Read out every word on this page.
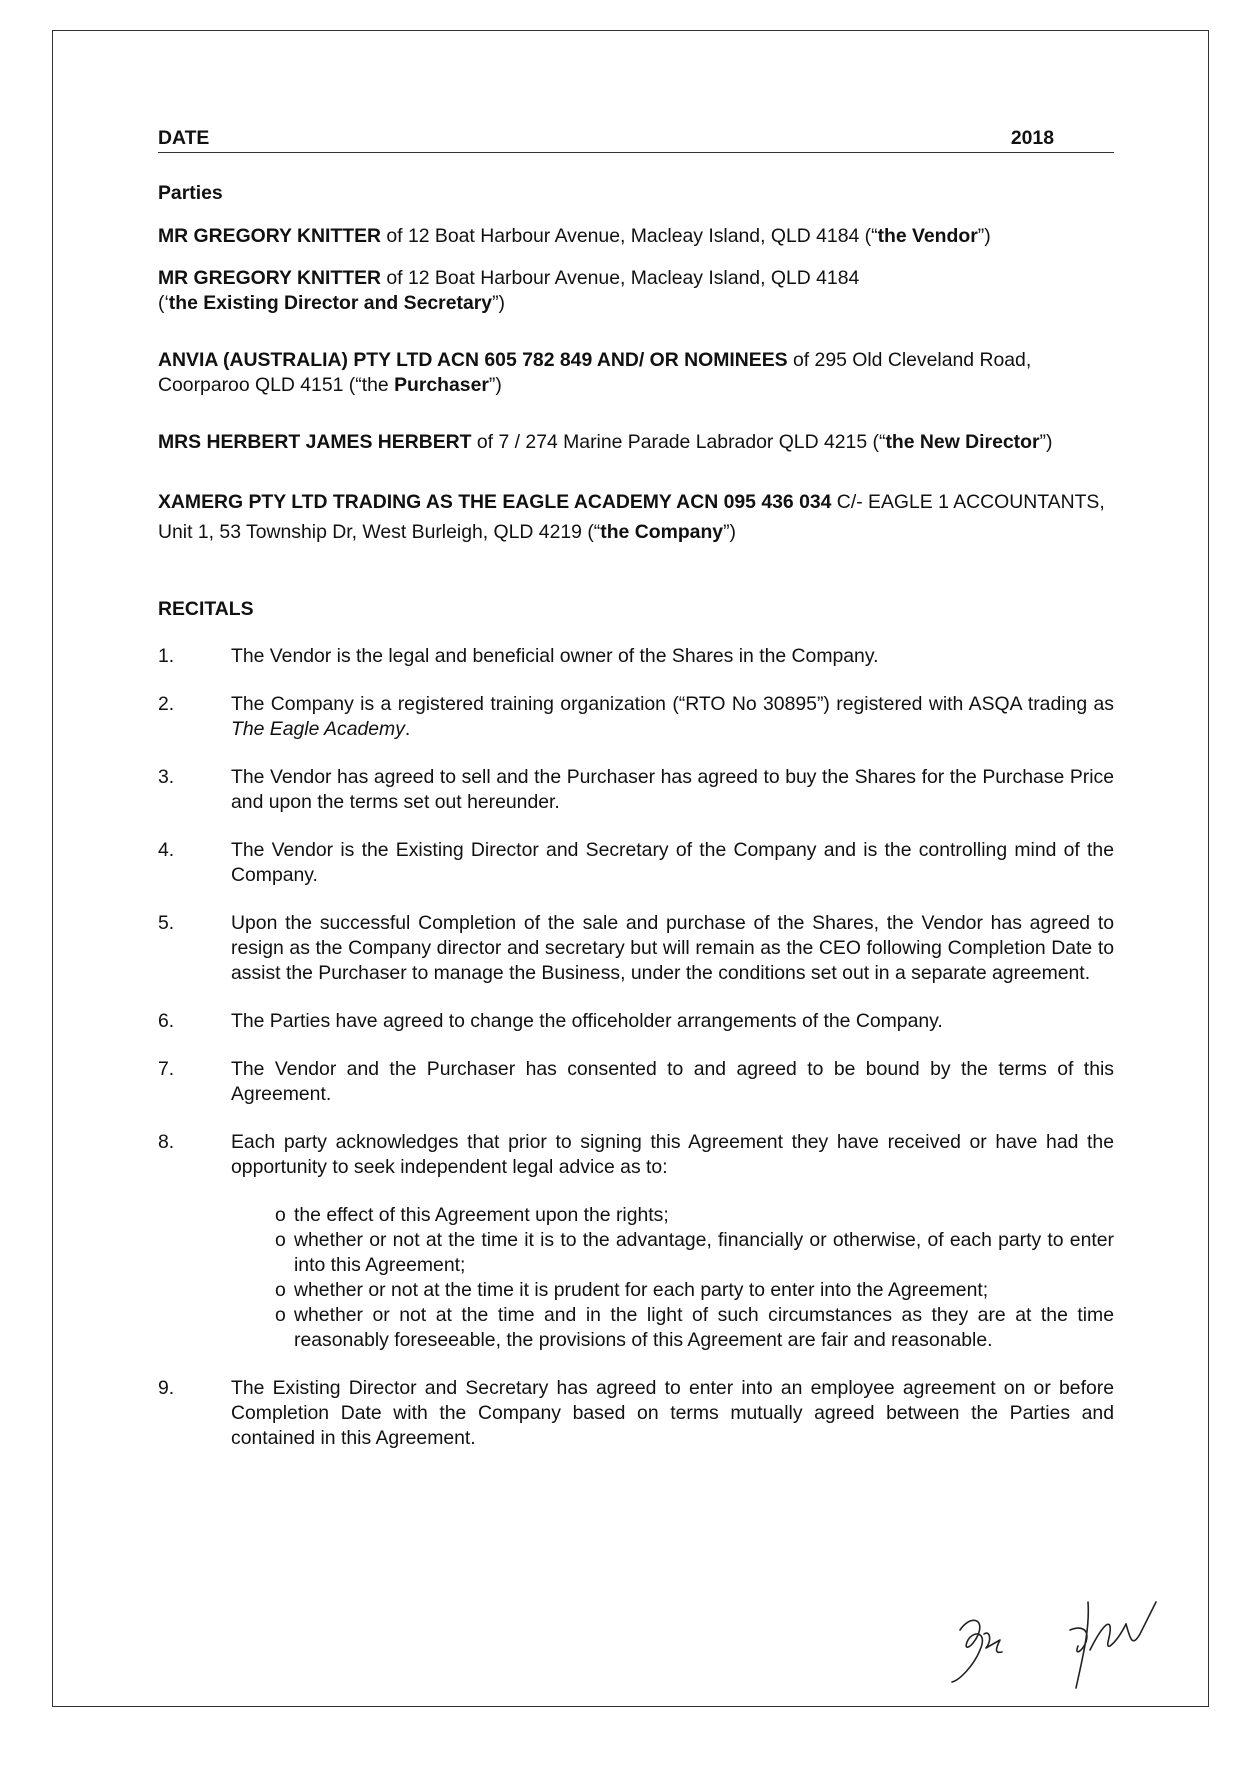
DATE	2018
Parties
MR GREGORY KNITTER of 12 Boat Harbour Avenue, Macleay Island, QLD 4184 (“the Vendor”)
MR GREGORY KNITTER of 12 Boat Harbour Avenue, Macleay Island, QLD 4184
(‘the Existing Director and Secretary”)
ANVIA (AUSTRALIA) PTY LTD ACN 605 782 849 AND/ OR NOMINEES of 295 Old Cleveland Road, Coorparoo QLD 4151 (“the Purchaser”)
MRS HERBERT JAMES HERBERT of 7 / 274 Marine Parade Labrador QLD 4215 (“the New Director”)
XAMERG PTY LTD TRADING AS THE EAGLE ACADEMY ACN 095 436 034 C/- EAGLE 1 ACCOUNTANTS, Unit 1, 53 Township Dr, West Burleigh, QLD 4219 (“the Company”)
RECITALS
1.	The Vendor is the legal and beneficial owner of the Shares in the Company.
2.	The Company is a registered training organization (“RTO No 30895”) registered with ASQA trading as The Eagle Academy.
3.	The Vendor has agreed to sell and the Purchaser has agreed to buy the Shares for the Purchase Price and upon the terms set out hereunder.
4.	The Vendor is the Existing Director and Secretary of the Company and is the controlling mind of the Company.
5.	Upon the successful Completion of the sale and purchase of the Shares, the Vendor has agreed to resign as the Company director and secretary but will remain as the CEO following Completion Date to assist the Purchaser to manage the Business, under the conditions set out in a separate agreement.
6.	The Parties have agreed to change the officeholder arrangements of the Company.
7.	The Vendor and the Purchaser has consented to and agreed to be bound by the terms of this Agreement.
8.	Each party acknowledges that prior to signing this Agreement they have received or have had the opportunity to seek independent legal advice as to:
o the effect of this Agreement upon the rights;
o whether or not at the time it is to the advantage, financially or otherwise, of each party to enter into this Agreement;
o whether or not at the time it is prudent for each party to enter into the Agreement;
o whether or not at the time and in the light of such circumstances as they are at the time reasonably foreseeable, the provisions of this Agreement are fair and reasonable.
9.	The Existing Director and Secretary has agreed to enter into an employee agreement on or before Completion Date with the Company based on terms mutually agreed between the Parties and contained in this Agreement.
